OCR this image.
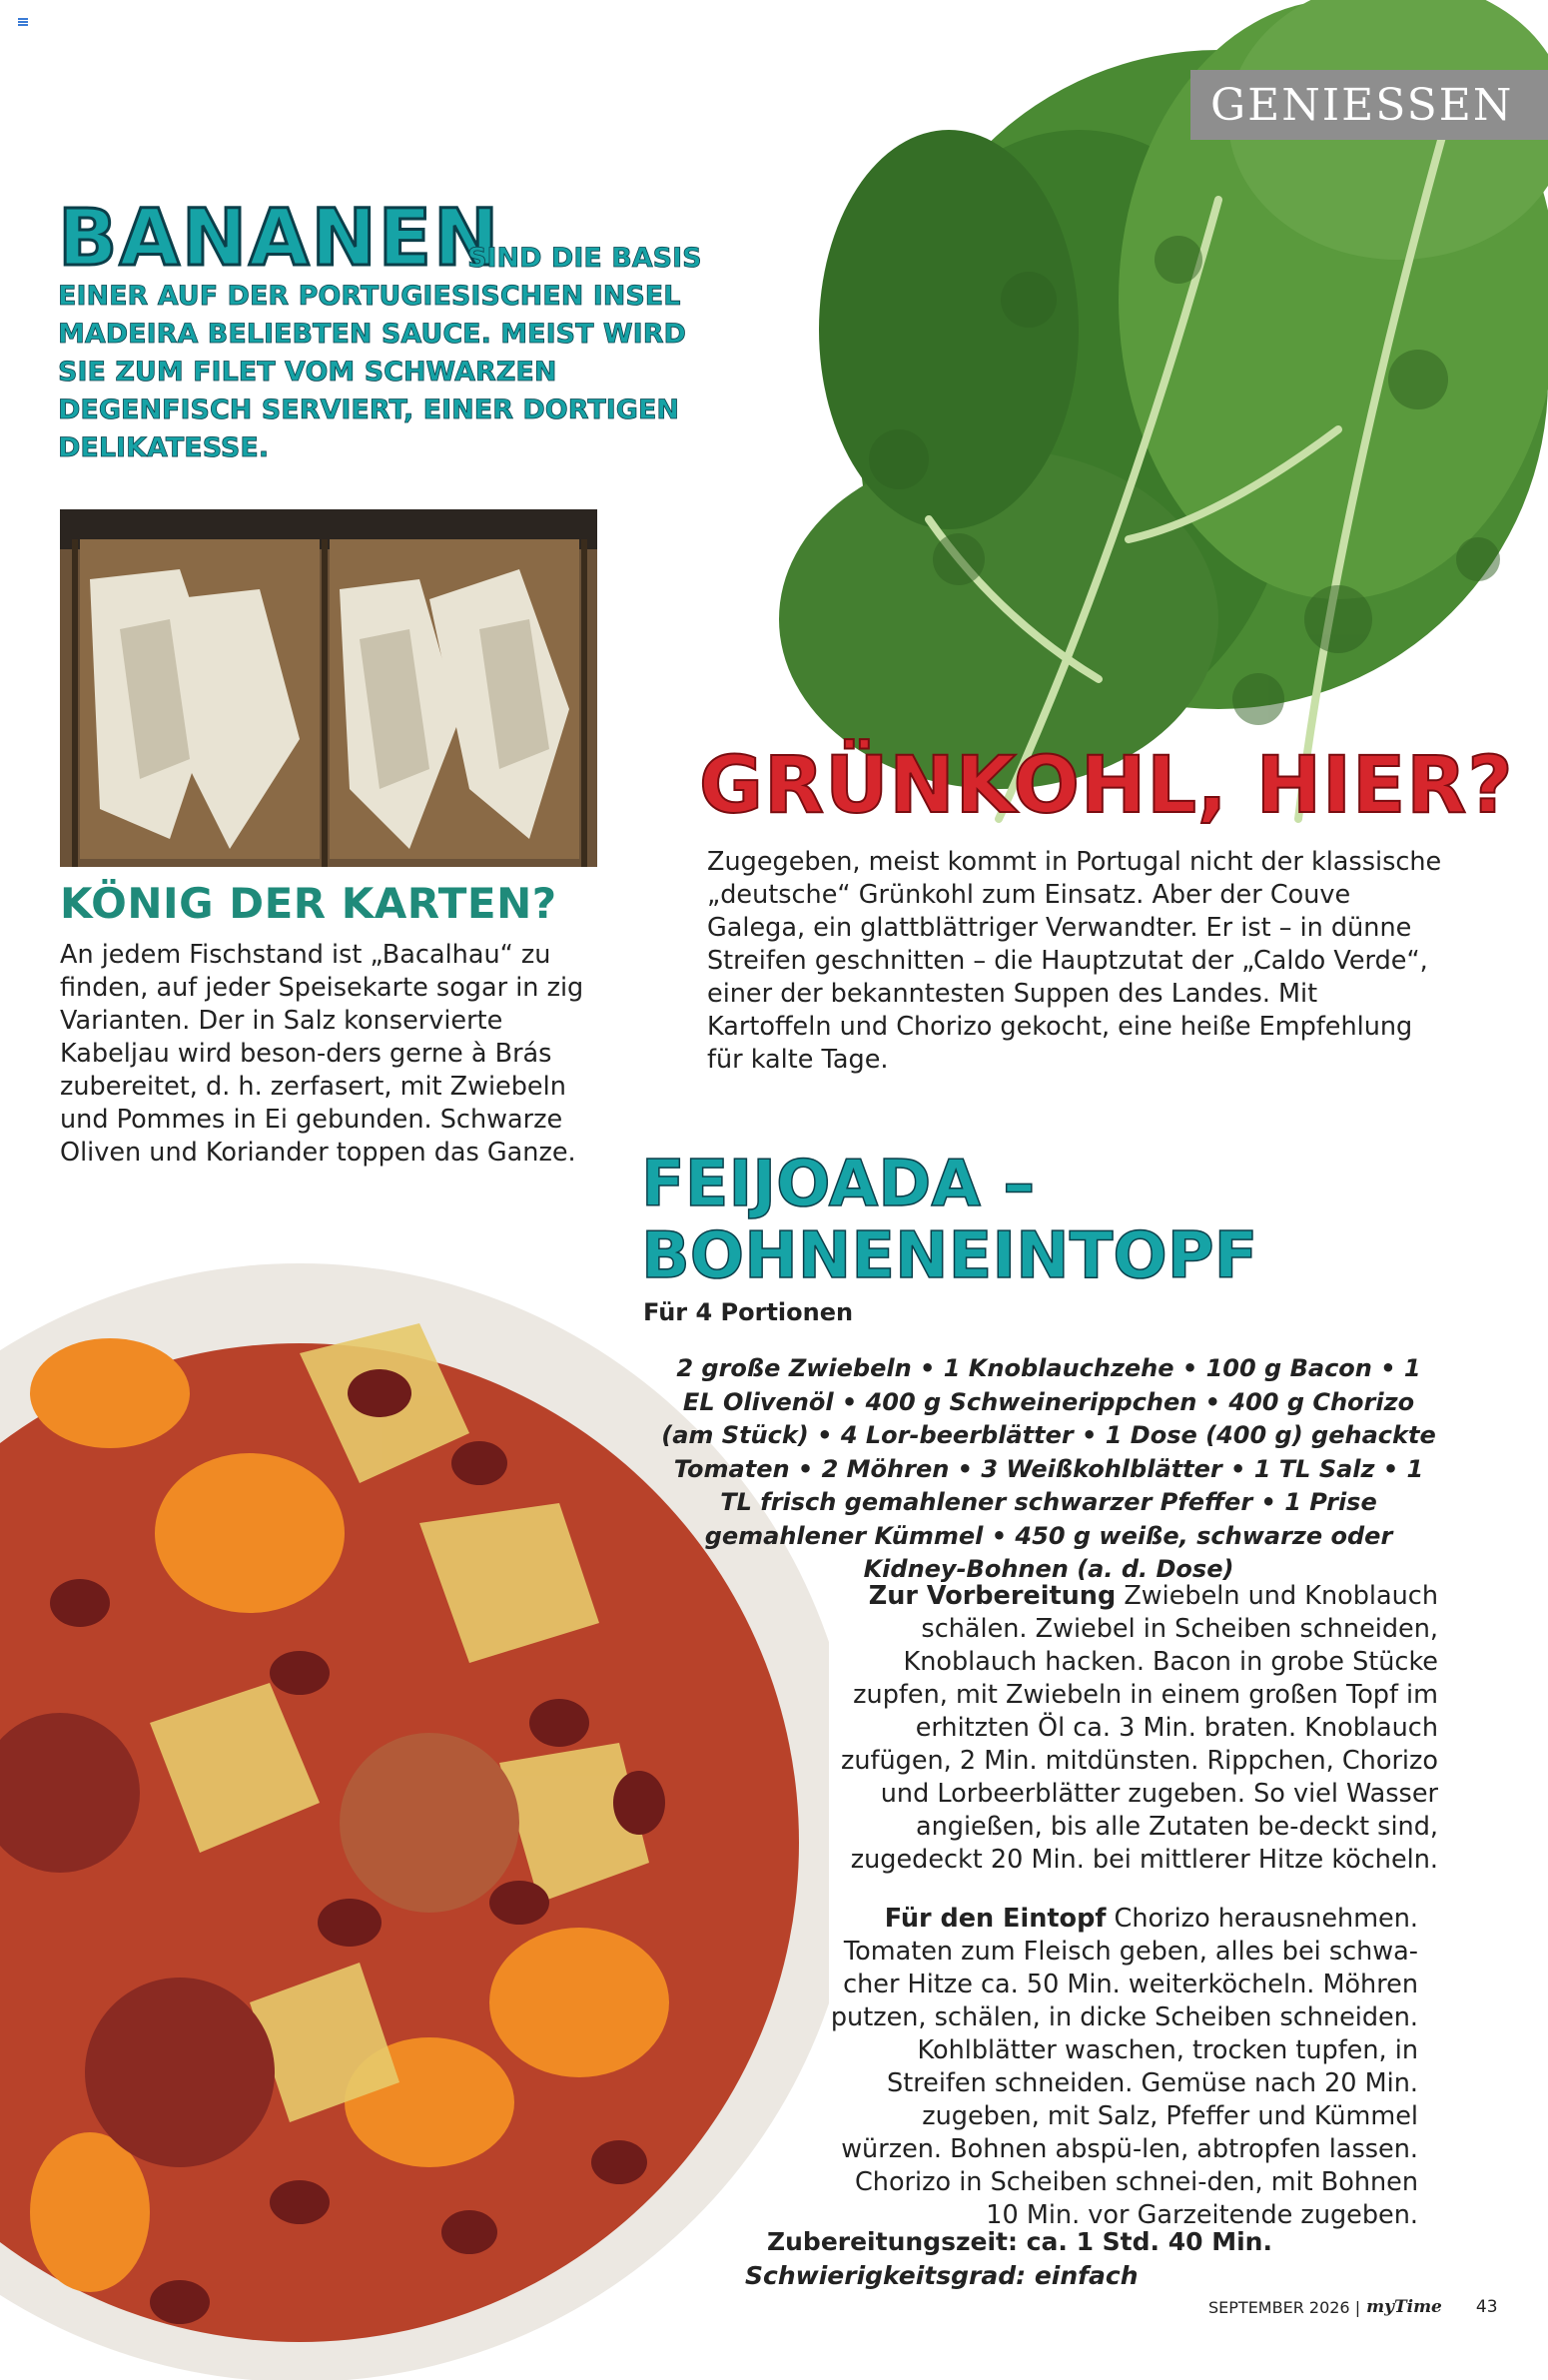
GENIESSEN
BANANEN
SIND DIE BASIS
EINER AUF DER PORTUGIESISCHEN INSEL MADEIRA BELIEBTEN SAUCE. MEIST WIRD SIE ZUM FILET VOM SCHWARZEN DEGENFISCH SERVIERT, EINER DORTIGEN DELIKATESSE.
KÖNIG DER KARTEN?
An jedem Fischstand ist „Bacalhau“ zu finden, auf jeder Speisekarte sogar in zig Varianten. Der in Salz konservierte Kabeljau wird beson-ders gerne à Brás zubereitet, d. h. zerfasert, mit Zwiebeln und Pommes in Ei gebunden. Schwarze Oliven und Koriander toppen das Ganze.
GRÜNKOHL, HIER?
Zugegeben, meist kommt in Portugal nicht der klassische „deutsche“ Grünkohl zum Einsatz. Aber der Couve Galega, ein glattblättriger Verwandter. Er ist – in dünne Streifen geschnitten – die Hauptzutat der „Caldo Verde“, einer der bekanntesten Suppen des Landes. Mit Kartoffeln und Chorizo gekocht, eine heiße Empfehlung für kalte Tage.
FEIJOADA –
BOHNENEINTOPF
Für 4 Portionen
2 große Zwiebeln • 1 Knoblauchzehe • 100 g Bacon • 1 EL Olivenöl • 400 g Schweinerippchen • 400 g Chorizo (am Stück) • 4 Lor-beerblätter • 1 Dose (400 g) gehackte Tomaten • 2 Möhren • 3 Weißkohlblätter • 1 TL Salz • 1 TL frisch gemahlener schwarzer Pfeffer • 1 Prise gemahlener Kümmel • 450 g weiße, schwarze oder Kidney-Bohnen (a. d. Dose)
Zur Vorbereitung Zwiebeln und Knoblauch schälen. Zwiebel in Scheiben schneiden, Knoblauch hacken. Bacon in grobe Stücke zupfen, mit Zwiebeln in einem großen Topf im erhitzten Öl ca. 3 Min. braten. Knoblauch zufügen, 2 Min. mitdünsten. Rippchen, Chorizo und Lorbeerblätter zugeben. So viel Wasser angießen, bis alle Zutaten be-deckt sind, zugedeckt 20 Min. bei mittlerer Hitze köcheln.
Für den Eintopf Chorizo herausnehmen. Tomaten zum Fleisch geben, alles bei schwa-cher Hitze ca. 50 Min. weiterköcheln. Möhren putzen, schälen, in dicke Scheiben schneiden. Kohlblätter waschen, trocken tupfen, in Streifen schneiden. Gemüse nach 20 Min. zugeben, mit Salz, Pfeffer und Kümmel würzen. Bohnen abspü-len, abtropfen lassen. Chorizo in Scheiben schnei-den, mit Bohnen 10 Min. vor Garzeitende zugeben.
Zubereitungszeit: ca. 1 Std. 40 Min.
Schwierigkeitsgrad: einfach
SEPTEMBER 2026 | myTime 43
